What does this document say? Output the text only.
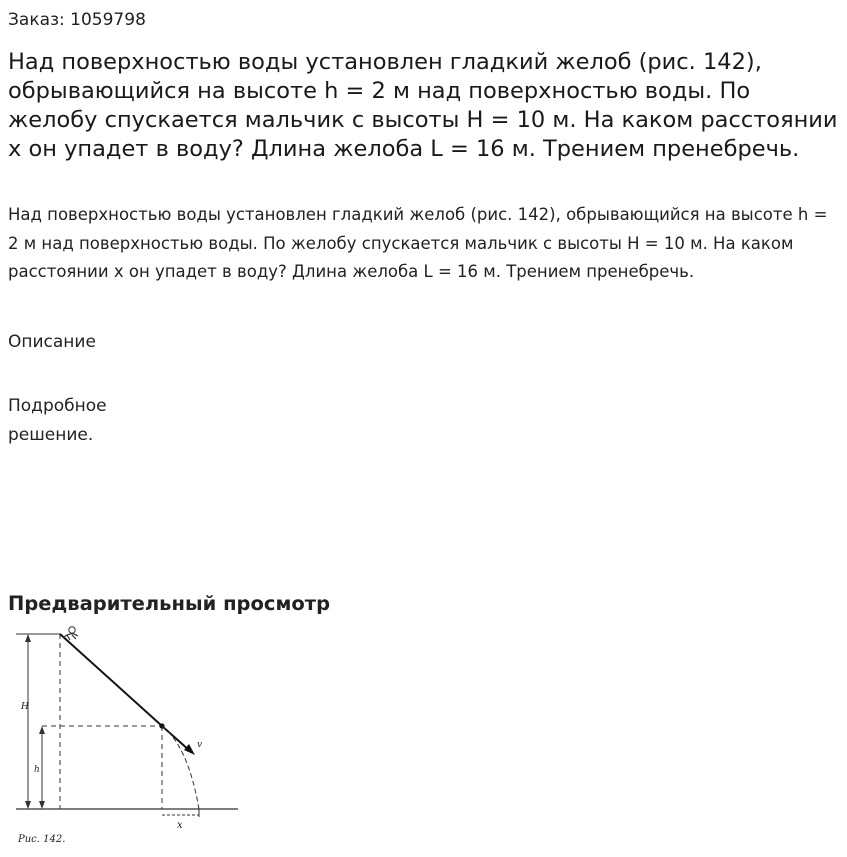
Заказ: 1059798
Над поверхностью воды установлен гладкий желоб (рис. 142), обрывающийся на высоте h = 2 м над поверхностью воды. По желобу спускается мальчик с высоты H = 10 м. На каком расстоянии x он упадет в воду? Длина желоба L = 16 м. Трением пренебречь.
Над поверхностью воды установлен гладкий желоб (рис. 142), обрывающийся на высоте h = 2 м над поверхностью воды. По желобу спускается мальчик с высоты H = 10 м. На каком расстоянии x он упадет в воду? Длина желоба L = 16 м. Трением пренебречь.
Описание
Подробное решение.
Предварительный просмотр
v
x
H
h
Рис. 142.
